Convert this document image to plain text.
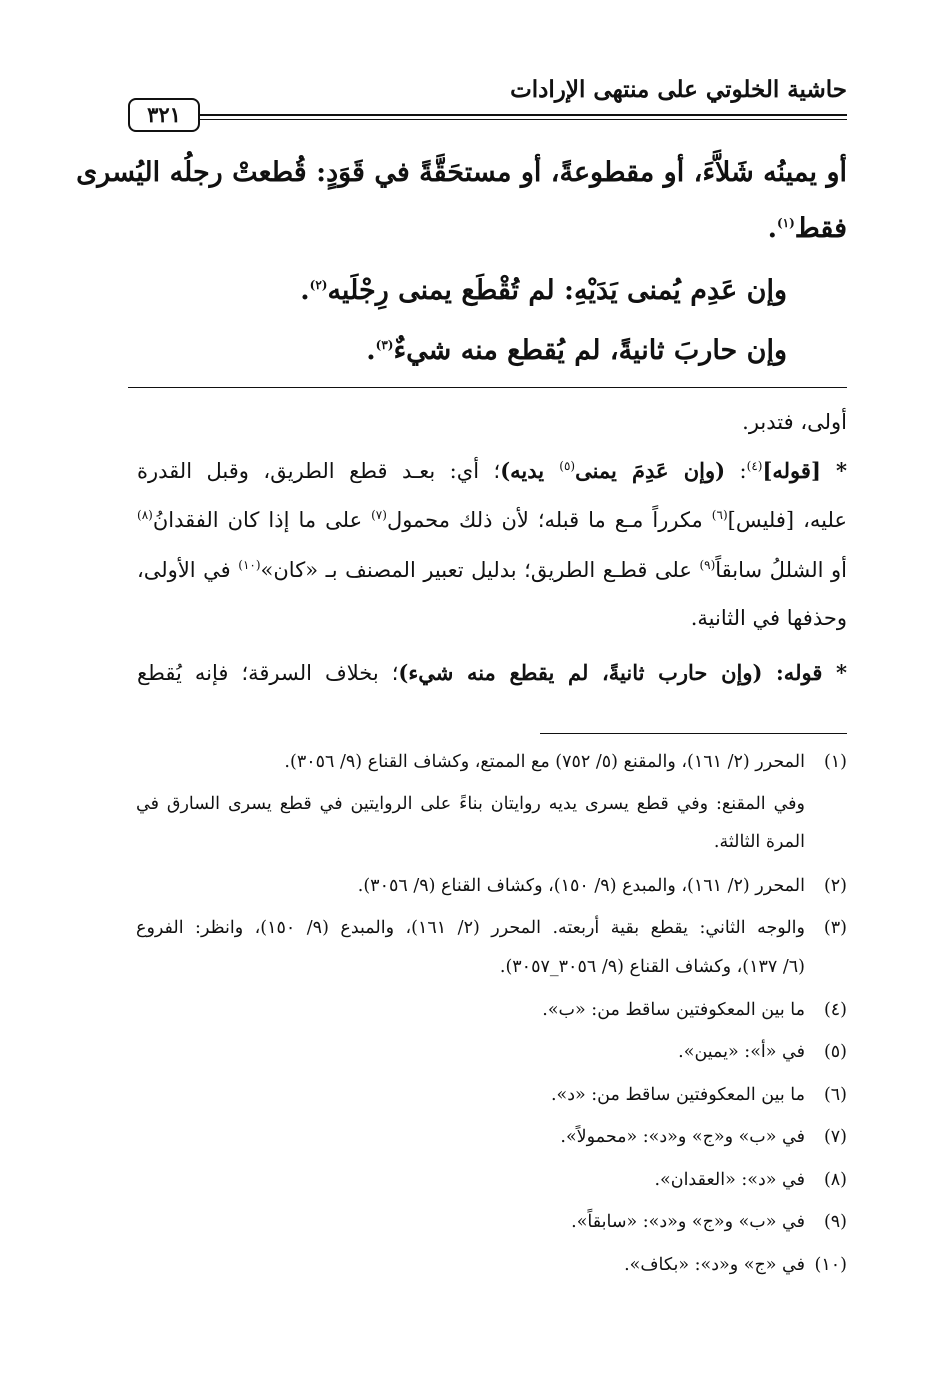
حاشية الخلوتي على منتهى الإرادات
٣٢١
أو يمينُه شَلاَّءَ، أو مقطوعةً، أو مستحَقَّةً في قَوَدٍ: قُطعتْ رجلُه اليُسرى
فقط$^{(١)}$.
وإن عَدِم يُمنى يَدَيْهِ: لم تُقْطَع يمنى رِجْلَيه$^{(٢)}$.
وإن حاربَ ثانيةً، لم يُقطع منه شيءٌ$^{(٣)}$.
أولى، فتدبر.
* [قوله]$^{(٤)}$: (وإن عَدِمَ يمنى$^{(٥)}$ يديه)؛ أي: بعـد قطع الطريق، وقبل القدرة
عليه، [فليس]$^{(٦)}$ مكرراً مـع ما قبله؛ لأن ذلك محمول$^{(٧)}$ على ما إذا كان الفقدانُ$^{(٨)}$
أو الشللُ سابقاً$^{(٩)}$ على قطـع الطريق؛ بدليل تعبير المصنف بـ «كان»$^{(١٠)}$ في الأولى،
وحذفها في الثانية.
* قوله: (وإن حارب ثانيةً، لم يقطع منه شيء)؛ بخلاف السرقة؛ فإنه يُقطع
(١)المحرر (٢/ ١٦١)، والمقنع (٥/ ٧٥٢) مع الممتع، وكشاف القناع (٩/ ٣٠٥٦).
وفي المقنع: وفي قطع يسرى يديه روايتان بناءً على الروايتين في قطع يسرى السارق في
المرة الثالثة.
(٢)المحرر (٢/ ١٦١)، والمبدع (٩/ ١٥٠)، وكشاف القناع (٩/ ٣٠٥٦).
(٣)والوجه الثاني: يقطع بقية أربعته. المحرر (٢/ ١٦١)، والمبدع (٩/ ١٥٠)، وانظر: الفروع
(٦/ ١٣٧)، وكشاف القناع (٩/ ٣٠٥٦_٣٠٥٧).
(٤)ما بين المعكوفتين ساقط من: «ب».
(٥)في «أ»: «يمين».
(٦)ما بين المعكوفتين ساقط من: «د».
(٧)في «ب» و«ج» و«د»: «محمولاً».
(٨)في «د»: «العقدان».
(٩)في «ب» و«ج» و«د»: «سابقاً».
(١٠)في «ج» و«د»: «بكاف».
